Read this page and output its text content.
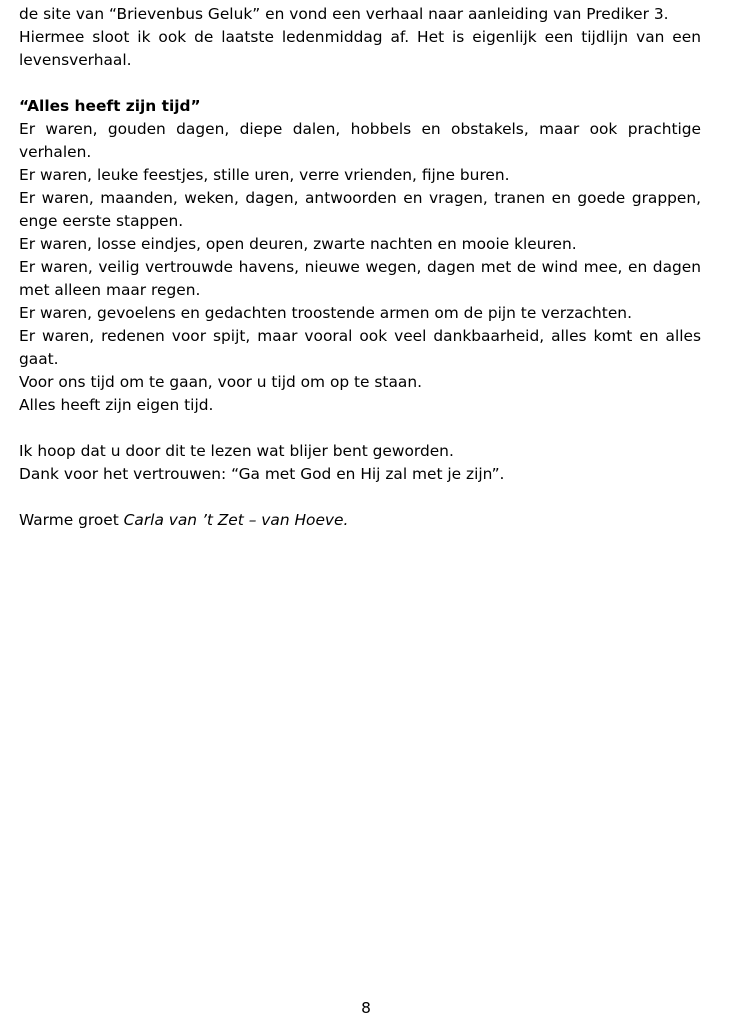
de site van “Brievenbus Geluk” en vond een verhaal naar aanleiding van Prediker 3.

Hiermee sloot ik ook de laatste ledenmiddag af. Het is eigenlijk een tijdlijn van een levensverhaal.

“Alles heeft zijn tijd”

Er waren, gouden dagen, diepe dalen, hobbels en obstakels, maar ook prachtige verhalen.

Er waren, leuke feestjes, stille uren, verre vrienden, fijne buren.

Er waren, maanden, weken, dagen, antwoorden en vragen, tranen en goede grappen, enge eerste stappen.

Er waren, losse eindjes, open deuren, zwarte nachten en mooie kleuren.

Er waren, veilig vertrouwde havens, nieuwe wegen, dagen met de wind mee, en dagen met alleen maar regen.

Er waren, gevoelens en gedachten troostende armen om de pijn te verzachten.

Er waren, redenen voor spijt, maar vooral ook veel dankbaarheid, alles komt en alles gaat.

Voor ons tijd om te gaan, voor u tijd om op te staan.

Alles heeft zijn eigen tijd.

Ik hoop dat u door dit te lezen wat blijer bent geworden.

Dank voor het vertrouwen: “Ga met God en Hij zal met je zijn”.

Warme groet Carla van ’t Zet – van Hoeve.

8
